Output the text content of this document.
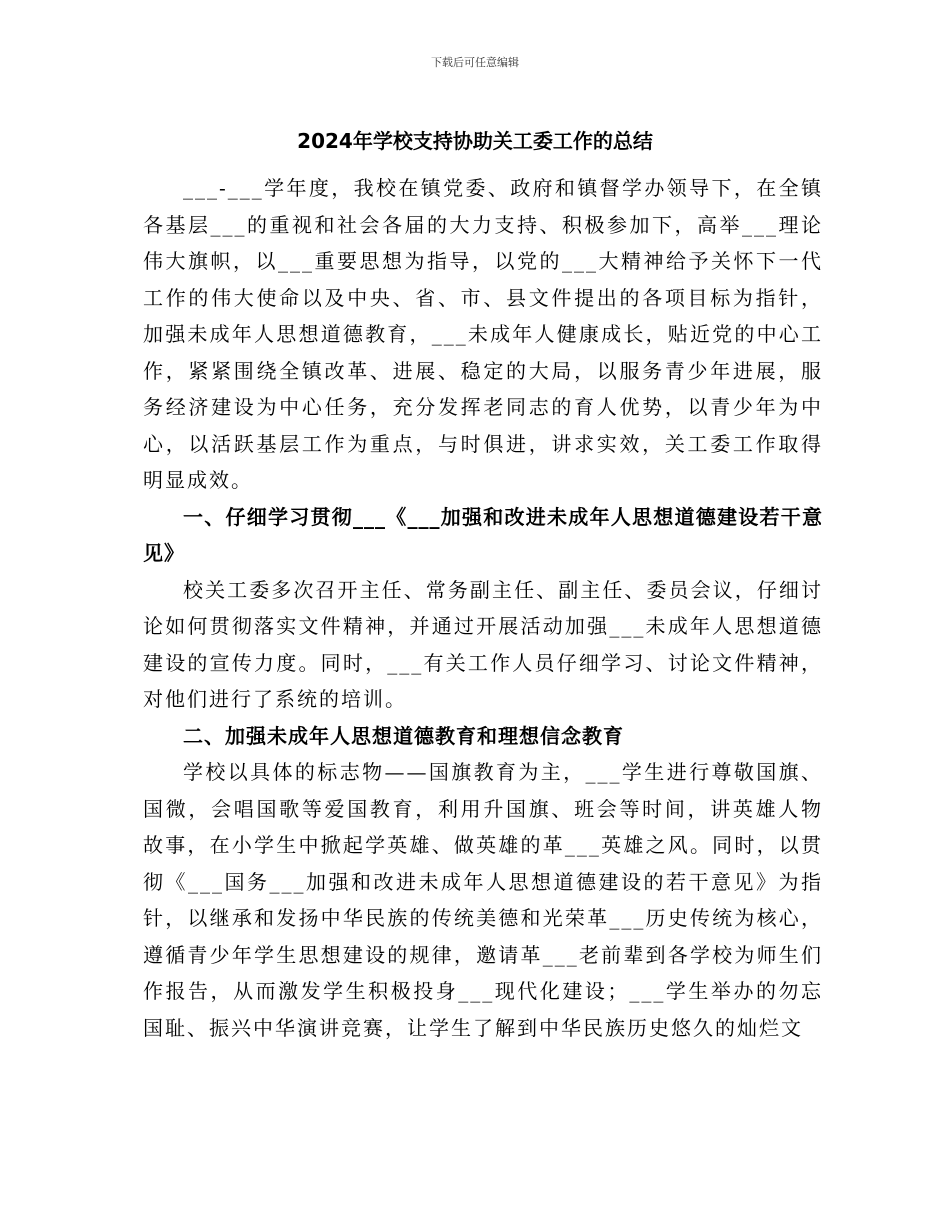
下载后可任意编辑
2024年学校支持协助关工委工作的总结

___-___学年度，我校在镇党委、政府和镇督学办领导下，在全镇各基层___的重视和社会各届的大力支持、积极参加下，高举___理论伟大旗帜，以___重要思想为指导，以党的___大精神给予关怀下一代工作的伟大使命以及中央、省、市、县文件提出的各项目标为指针，加强未成年人思想道德教育，___未成年人健康成长，贴近党的中心工作，紧紧围绕全镇改革、进展、稳定的大局，以服务青少年进展，服务经济建设为中心任务，充分发挥老同志的育人优势，以青少年为中心，以活跃基层工作为重点，与时俱进，讲求实效，关工委工作取得明显成效。

一、仔细学习贯彻___《___加强和改进未成年人思想道德建设若干意见》

校关工委多次召开主任、常务副主任、副主任、委员会议，仔细讨论如何贯彻落实文件精神，并通过开展活动加强___未成年人思想道德建设的宣传力度。同时，___有关工作人员仔细学习、讨论文件精神，对他们进行了系统的培训。

二、加强未成年人思想道德教育和理想信念教育

学校以具体的标志物——国旗教育为主，___学生进行尊敬国旗、国微，会唱国歌等爱国教育，利用升国旗、班会等时间，讲英雄人物故事，在小学生中掀起学英雄、做英雄的革___英雄之风。同时，以贯彻《___国务___加强和改进未成年人思想道德建设的若干意见》为指针，以继承和发扬中华民族的传统美德和光荣革___历史传统为核心，遵循青少年学生思想建设的规律，邀请革___老前辈到各学校为师生们作报告，从而激发学生积极投身___现代化建设；___学生举办的勿忘国耻、振兴中华演讲竞赛，让学生了解到中华民族历史悠久的灿烂文
